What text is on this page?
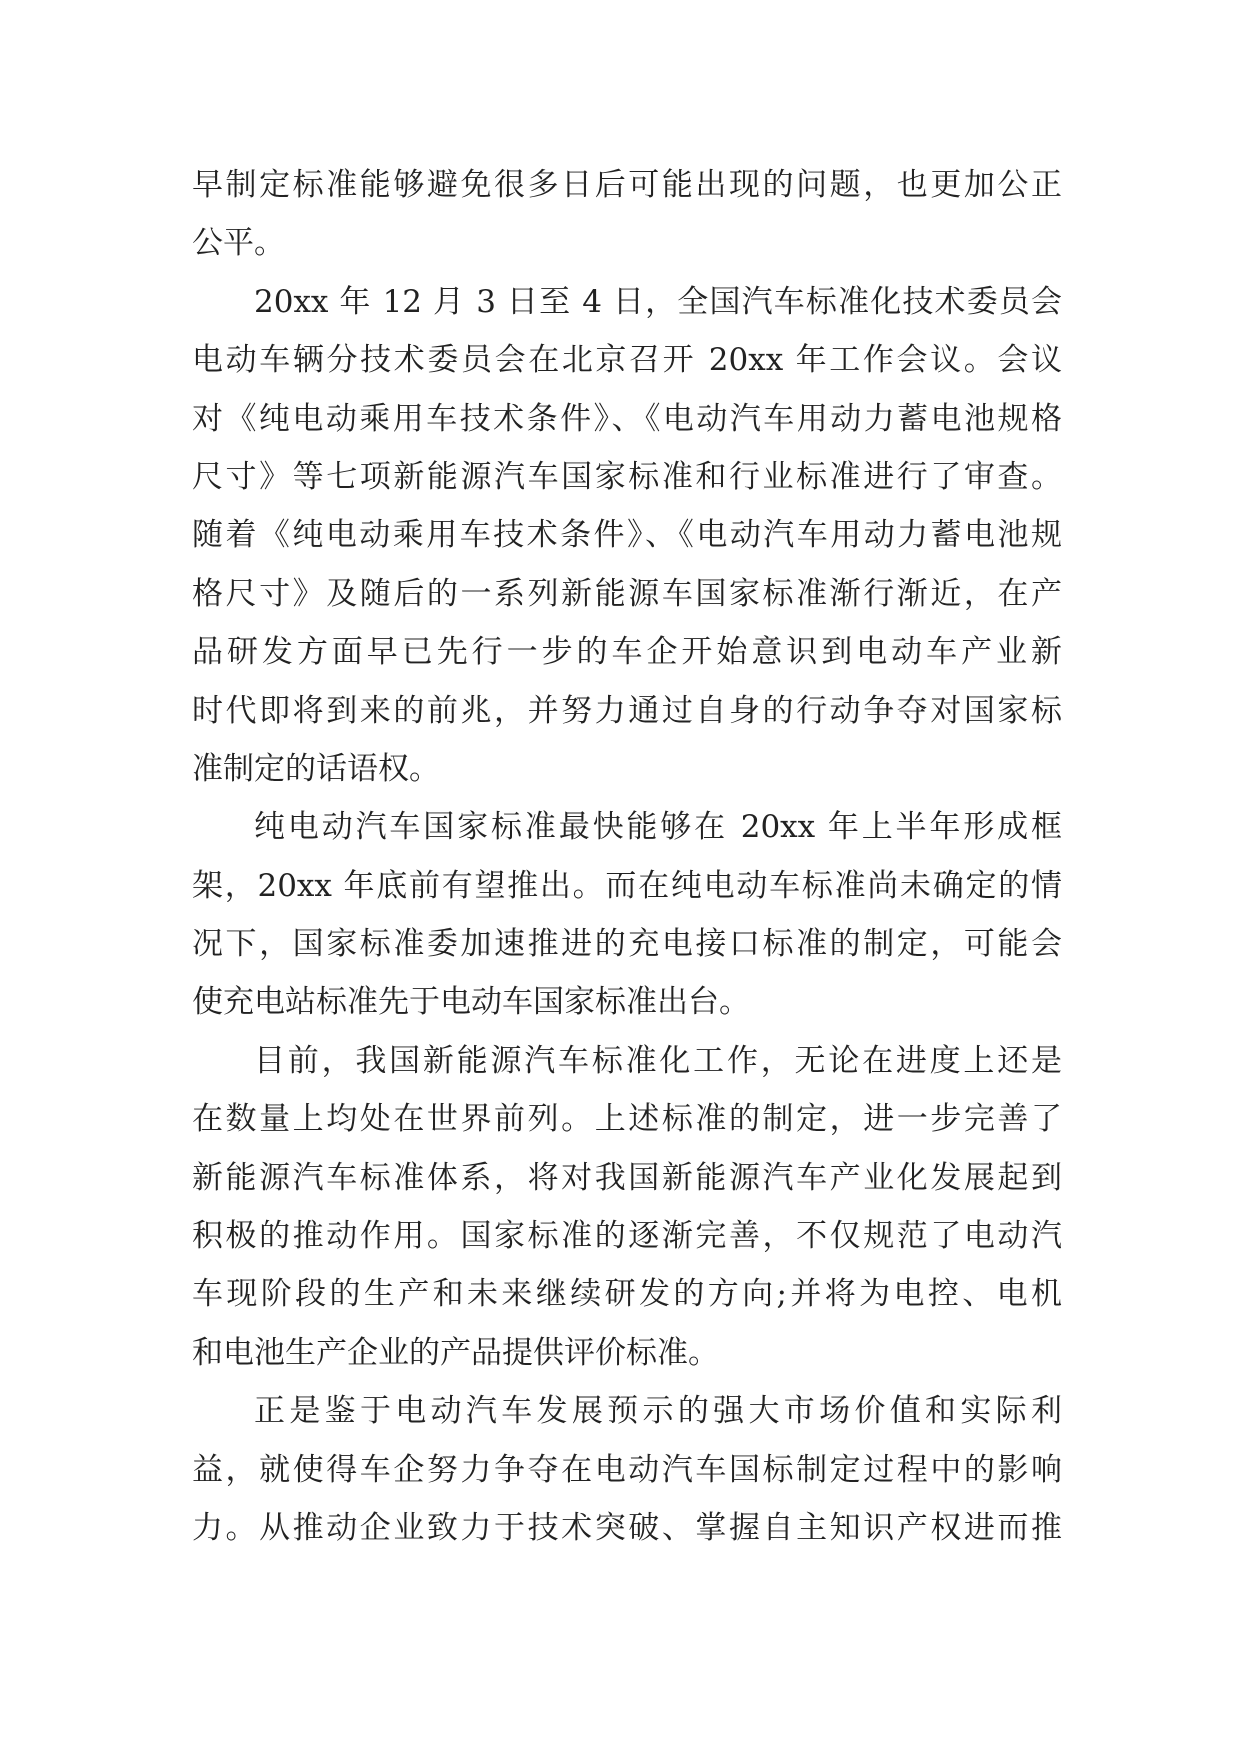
早制定标准能够避免很多日后可能出现的问题，也更加公正
公平。
20xx 年 12 月 3 日至 4 日，全国汽车标准化技术委员会
电动车辆分技术委员会在北京召开 20xx 年工作会议。会议
对《纯电动乘用车技术条件》、《电动汽车用动力蓄电池规格
尺寸》等七项新能源汽车国家标准和行业标准进行了审查。
随着《纯电动乘用车技术条件》、《电动汽车用动力蓄电池规
格尺寸》及随后的一系列新能源车国家标准渐行渐近，在产
品研发方面早已先行一步的车企开始意识到电动车产业新
时代即将到来的前兆，并努力通过自身的行动争夺对国家标
准制定的话语权。
纯电动汽车国家标准最快能够在 20xx 年上半年形成框
架，20xx 年底前有望推出。而在纯电动车标准尚未确定的情
况下，国家标准委加速推进的充电接口标准的制定，可能会
使充电站标准先于电动车国家标准出台。
目前，我国新能源汽车标准化工作，无论在进度上还是
在数量上均处在世界前列。上述标准的制定，进一步完善了
新能源汽车标准体系，将对我国新能源汽车产业化发展起到
积极的推动作用。国家标准的逐渐完善，不仅规范了电动汽
车现阶段的生产和未来继续研发的方向;并将为电控、电机
和电池生产企业的产品提供评价标准。
正是鉴于电动汽车发展预示的强大市场价值和实际利
益，就使得车企努力争夺在电动汽车国标制定过程中的影响
力。从推动企业致力于技术突破、掌握自主知识产权进而推
